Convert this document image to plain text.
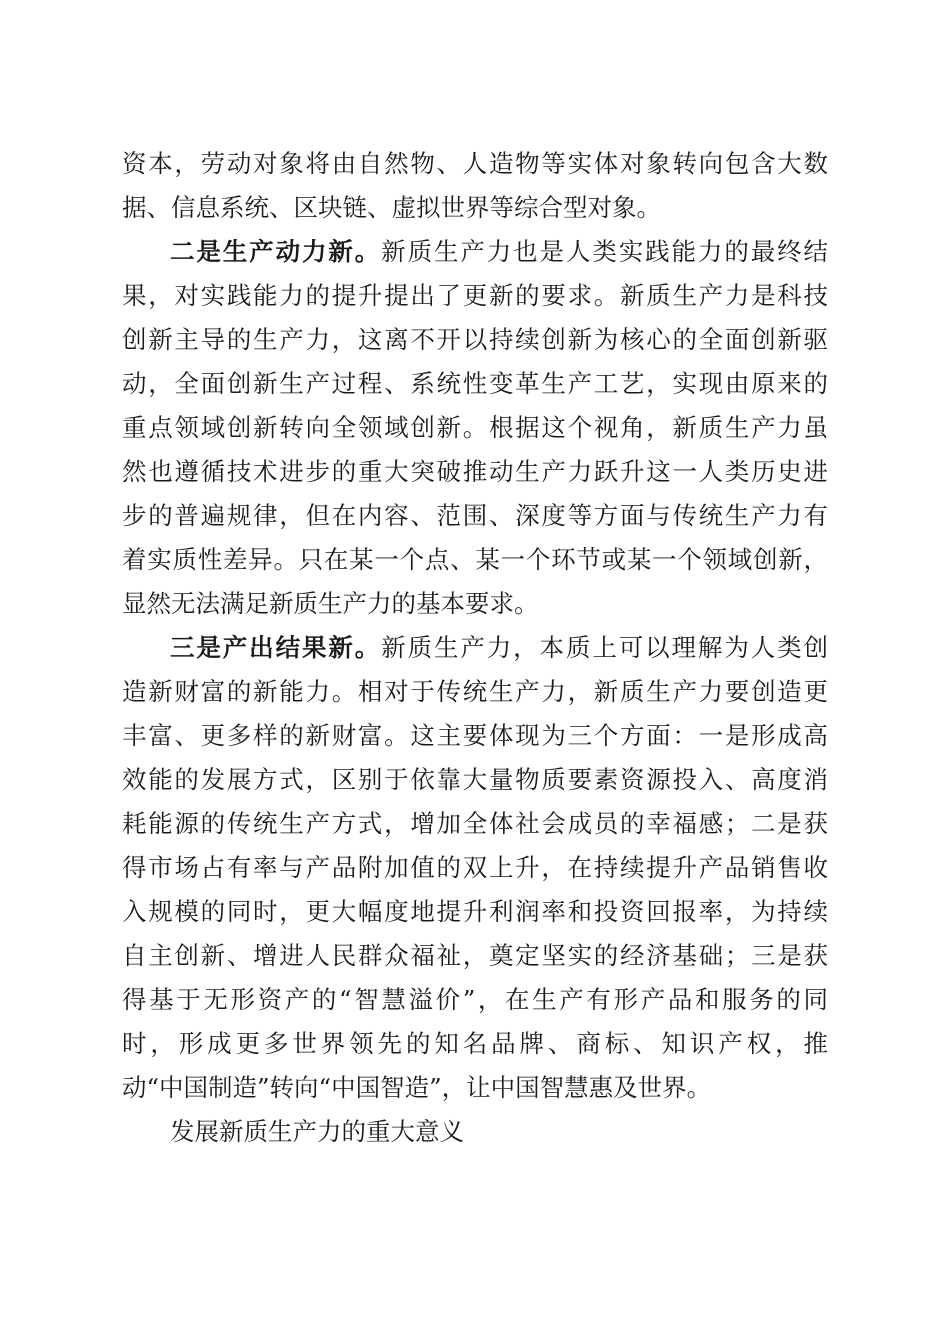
资本，劳动对象将由自然物、人造物等实体对象转向包含大数
据、信息系统、区块链、虚拟世界等综合型对象。
二是生产动力新。新质生产力也是人类实践能力的最终结
果，对实践能力的提升提出了更新的要求。新质生产力是科技
创新主导的生产力，这离不开以持续创新为核心的全面创新驱
动，全面创新生产过程、系统性变革生产工艺，实现由原来的
重点领域创新转向全领域创新。根据这个视角，新质生产力虽
然也遵循技术进步的重大突破推动生产力跃升这一人类历史进
步的普遍规律，但在内容、范围、深度等方面与传统生产力有
着实质性差异。只在某一个点、某一个环节或某一个领域创新，
显然无法满足新质生产力的基本要求。
三是产出结果新。新质生产力，本质上可以理解为人类创
造新财富的新能力。相对于传统生产力，新质生产力要创造更
丰富、更多样的新财富。这主要体现为三个方面：一是形成高
效能的发展方式，区别于依靠大量物质要素资源投入、高度消
耗能源的传统生产方式，增加全体社会成员的幸福感；二是获
得市场占有率与产品附加值的双上升，在持续提升产品销售收
入规模的同时，更大幅度地提升利润率和投资回报率，为持续
自主创新、增进人民群众福祉，奠定坚实的经济基础；三是获
得基于无形资产的“智慧溢价”，在生产有形产品和服务的同
时，形成更多世界领先的知名品牌、商标、知识产权，推
动“中国制造”转向“中国智造”，让中国智慧惠及世界。
发展新质生产力的重大意义
